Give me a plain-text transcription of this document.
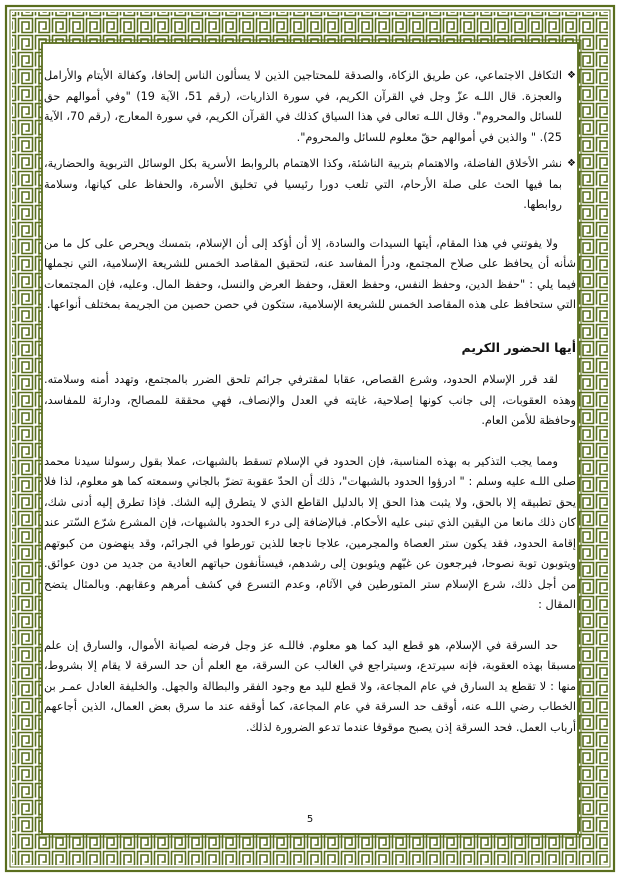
❖
التكافل الاجتماعي، عن طريق الزكاة، والصدقة للمحتاجين الذين لا يسألون الناس إلحافا، وكفالة الأيتام والأرامل والعجزة. قال اللـه عزّ وجل في القرآن الكريم، في سورة الذاريات، (رقم 51، الآية 19) "وفي أموالهم حق للسائل والمحروم". وقال اللـه تعالى في هذا السياق كذلك في القرآن الكريم، في سورة المعارج، (رقم 70، الآية 25). " والذين في أموالهم حقّ معلوم للسائل والمحروم".
❖
نشر الأخلاق الفاضلة، والاهتمام بتربية الناشئة، وكذا الاهتمام بالروابط الأسرية بكل الوسائل التربوية والحضارية، بما فيها الحث على صلة الأرحام، التي تلعب دورا رئيسيا في تخليق الأسرة، والحفاظ على كيانها، وسلامة روابطها.

ولا يفوتني في هذا المقام، أيتها السيدات والسادة، إلا أن أؤكد إلى أن الإسلام، بتمسك ويحرص على كل ما من شأنه أن يحافظ على صلاح المجتمع، ودرأ المفاسد عنه، لتحقيق المقاصد الخمس للشريعة الإسلامية، التي نجملها فيما يلي : "حفظ الدين، وحفظ النفس، وحفظ العقل، وحفظ العرض والنسل، وحفظ المال. وعليه، فإن المجتمعات التي ستحافظ على هذه المقاصد الخمس للشريعة الإسلامية، ستكون في حصن حصين من الجريمة بمختلف أنواعها.

أيها الحضور الكريم

لقد قرر الإسلام الحدود، وشرع القصاص، عقابا لمقترفي جرائم تلحق الضرر بالمجتمع، وتهدد أمنه وسلامته. وهذه العقوبات، إلى جانب كونها إصلاحية، غايته في العدل والإنصاف، فهي محققة للمصالح، ودارئة للمفاسد، وحافظة للأمن العام.

ومما يجب التذكير به بهذه المناسبة، فإن الحدود في الإسلام تسقط بالشبهات، عملا بقول رسولنا سيدنا محمد صلى اللـه عليه وسلم : " ادرؤوا الحدود بالشبهات"، ذلك أن الحدّ عقوبة تضرّ بالجاني وسمعته كما هو معلوم، لذا فلا يحق تطبيقه إلا بالحق، ولا يثبت هذا الحق إلا بالدليل القاطع الذي لا يتطرق إليه الشك. فإذا تطرق إليه أدنى شك، كان ذلك مانعا من اليقين الذي تبنى عليه الأحكام. فبالإضافة إلى درء الحدود بالشبهات، فإن المشرع شرّع السّتر عند إقامة الحدود، فقد يكون ستر العصاة والمجرمين، علاجا ناجعا للذين تورطوا في الجرائم، وقد ينهضون من كبوتهم ويتوبون توبة نصوحا، فيرجعون عن غيّهم ويثوبون إلى رشدهم، فيستأنفون حياتهم العادية من جديد من دون عوائق. من أجل ذلك، شرع الإسلام ستر المتورطين في الآثام، وعدم التسرع في كشف أمرهم وعقابهم. وبالمثال يتضح المقال :

حد السرقة في الإسلام، هو قطع اليد كما هو معلوم. فاللـه عز وجل فرضه لصيانة الأموال، والسارق إن علم مسبقا بهذه العقوبة، فإنه سيرتدع، وسيتراجع في الغالب عن السرقة، مع العلم أن حد السرقة لا يقام إلا بشروط، منها : لا تقطع يد السارق في عام المجاعة، ولا قطع لليد مع وجود الفقر والبطالة والجهل. والخليفة العادل عمـر بن الخطاب رضي اللـه عنه، أوقف حد السرقة في عام المجاعة، كما أوقفه عند ما سرق بعض العمال، الذين أجاعهم أرباب العمل. فحد السرقة إذن يصبح موقوفا عندما تدعو الضرورة لذلك.

5
